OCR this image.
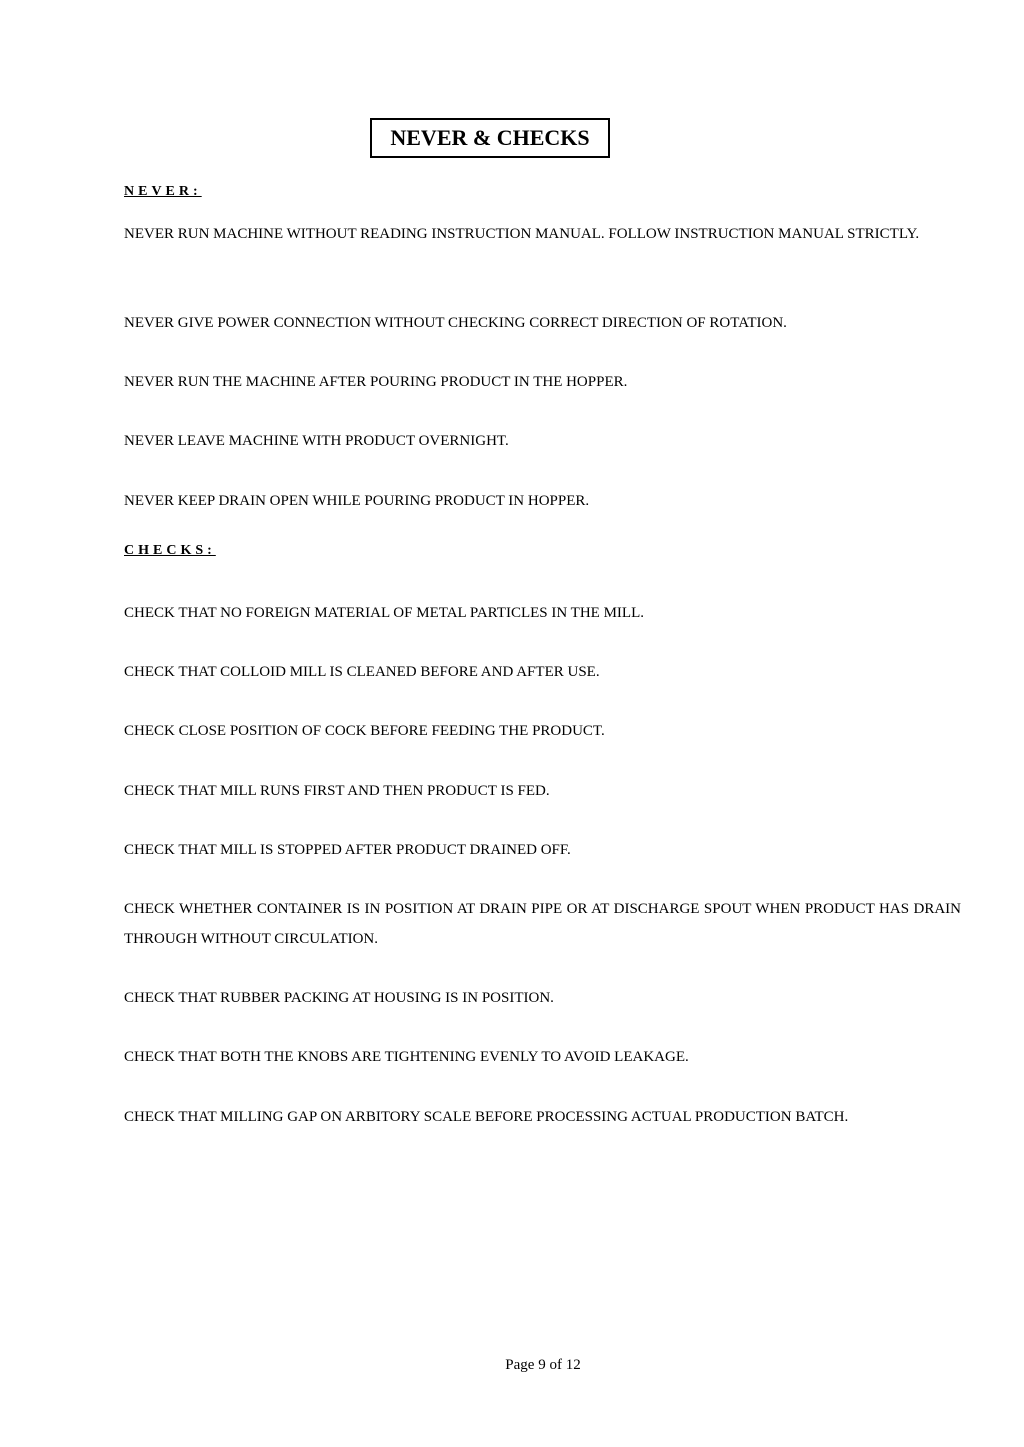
NEVER & CHECKS
NEVER:

NEVER RUN MACHINE WITHOUT READING INSTRUCTION MANUAL. FOLLOW INSTRUCTION MANUAL STRICTLY.

NEVER GIVE POWER CONNECTION WITHOUT CHECKING CORRECT DIRECTION OF ROTATION.

NEVER RUN THE MACHINE AFTER POURING PRODUCT IN THE HOPPER.

NEVER LEAVE MACHINE WITH PRODUCT OVERNIGHT.

NEVER KEEP DRAIN OPEN WHILE POURING PRODUCT IN HOPPER.

CHECKS:

CHECK THAT NO FOREIGN MATERIAL OF METAL PARTICLES IN THE MILL.

CHECK THAT COLLOID MILL IS CLEANED BEFORE AND AFTER USE.

CHECK CLOSE POSITION OF COCK BEFORE FEEDING THE PRODUCT.

CHECK THAT MILL RUNS FIRST AND THEN PRODUCT IS FED.

CHECK THAT MILL IS STOPPED AFTER PRODUCT DRAINED OFF.

CHECK WHETHER CONTAINER IS IN POSITION AT DRAIN PIPE OR AT DISCHARGE SPOUT WHEN PRODUCT HAS DRAIN THROUGH WITHOUT CIRCULATION.

CHECK THAT RUBBER PACKING AT HOUSING IS IN POSITION.

CHECK THAT BOTH THE KNOBS ARE TIGHTENING EVENLY TO AVOID LEAKAGE.

CHECK THAT MILLING GAP ON ARBITORY SCALE BEFORE PROCESSING ACTUAL PRODUCTION BATCH.

Page 9 of 12
